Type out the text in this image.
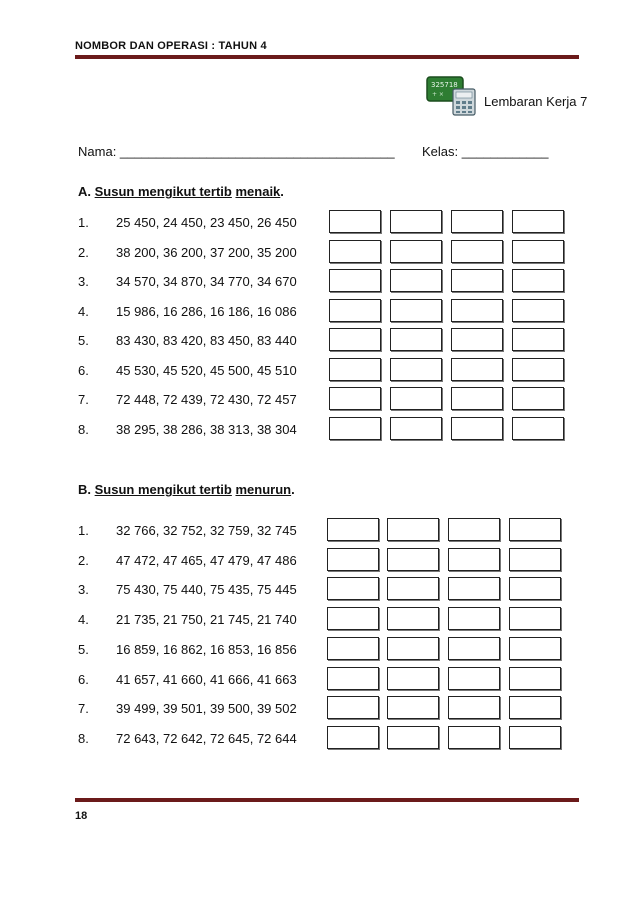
NOMBOR DAN OPERASI : TAHUN 4
325718
+ ×	Lembaran Kerja 7
Nama: ______________________________________ Kelas: ____________
A. Susun mengikut tertib menaik.
1.	25 450, 24 450, 23 450, 26 450
2.	38 200, 36 200, 37 200, 35 200
3.	34 570, 34 870, 34 770, 34 670
4.	15 986, 16 286, 16 186, 16 086
5.	83 430, 83 420, 83 450, 83 440
6.	45 530, 45 520, 45 500, 45 510
7.	72 448, 72 439, 72 430, 72 457
8.	38 295, 38 286, 38 313, 38 304
B. Susun mengikut tertib menurun.
1.	32 766, 32 752, 32 759, 32 745
2.	47 472, 47 465, 47 479, 47 486
3.	75 430, 75 440, 75 435, 75 445
4.	21 735, 21 750, 21 745, 21 740
5.	16 859, 16 862, 16 853, 16 856
6.	41 657, 41 660, 41 666, 41 663
7.	39 499, 39 501, 39 500, 39 502
8.	72 643, 72 642, 72 645, 72 644
18
